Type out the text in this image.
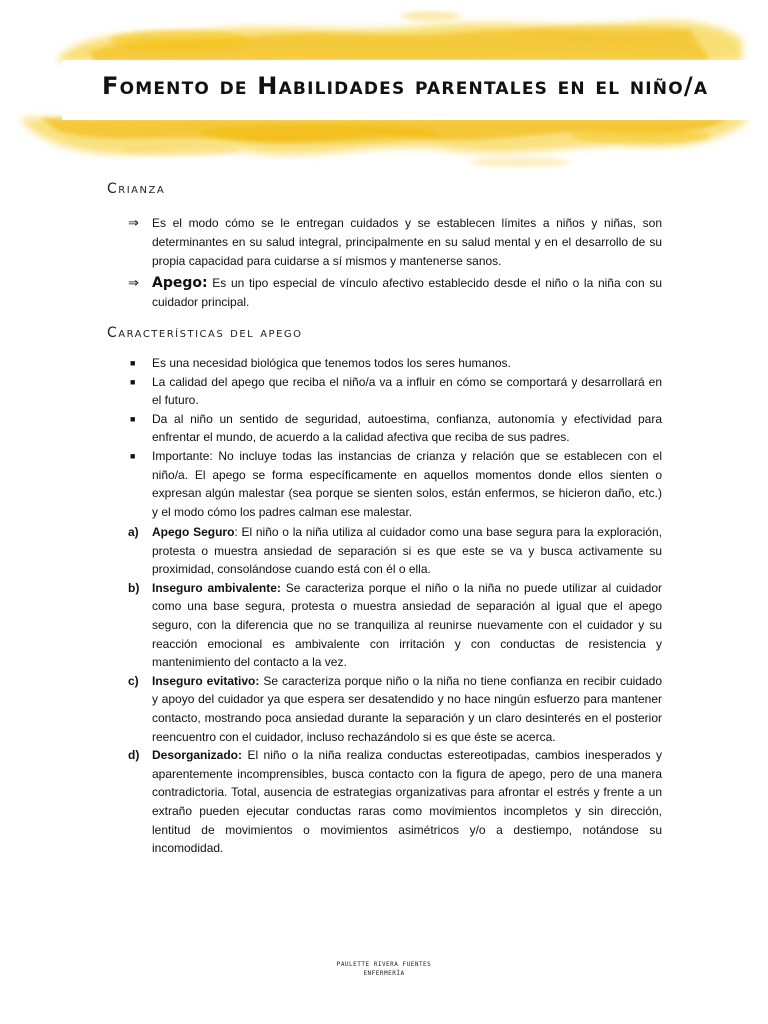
Fomento de Habilidades parentales en el niño/a
Crianza
⇒ Es el modo cómo se le entregan cuidados y se establecen límites a niños y niñas, son determinantes en su salud integral, principalmente en su salud mental y en el desarrollo de su propia capacidad para cuidarse a sí mismos y mantenerse sanos.
⇒ Apego: Es un tipo especial de vínculo afectivo establecido desde el niño o la niña con su cuidador principal.
Características del apego
■ Es una necesidad biológica que tenemos todos los seres humanos.
■ La calidad del apego que reciba el niño/a va a influir en cómo se comportará y desarrollará en el futuro.
■ Da al niño un sentido de seguridad, autoestima, confianza, autonomía y efectividad para enfrentar el mundo, de acuerdo a la calidad afectiva que reciba de sus padres.
■ Importante: No incluye todas las instancias de crianza y relación que se establecen con el niño/a. El apego se forma específicamente en aquellos momentos donde ellos sienten o expresan algún malestar (sea porque se sienten solos, están enfermos, se hicieron daño, etc.) y el modo cómo los padres calman ese malestar.
a) Apego Seguro: El niño o la niña utiliza al cuidador como una base segura para la exploración, protesta o muestra ansiedad de separación si es que este se va y busca activamente su proximidad, consolándose cuando está con él o ella.
b) Inseguro ambivalente: Se caracteriza porque el niño o la niña no puede utilizar al cuidador como una base segura, protesta o muestra ansiedad de separación al igual que el apego seguro, con la diferencia que no se tranquiliza al reunirse nuevamente con el cuidador y su reacción emocional es ambivalente con irritación y con conductas de resistencia y mantenimiento del contacto a la vez.
c) Inseguro evitativo: Se caracteriza porque niño o la niña no tiene confianza en recibir cuidado y apoyo del cuidador ya que espera ser desatendido y no hace ningún esfuerzo para mantener contacto, mostrando poca ansiedad durante la separación y un claro desinterés en el posterior reencuentro con el cuidador, incluso rechazándolo si es que éste se acerca.
d) Desorganizado: El niño o la niña realiza conductas estereotipadas, cambios inesperados y aparentemente incomprensibles, busca contacto con la figura de apego, pero de una manera contradictoria. Total, ausencia de estrategias organizativas para afrontar el estrés y frente a un extraño pueden ejecutar conductas raras como movimientos incompletos y sin dirección, lentitud de movimientos o movimientos asimétricos y/o a destiempo, notándose su incomodidad.
PAULETTE RIVERA FUENTES
ENFERMERÍA
